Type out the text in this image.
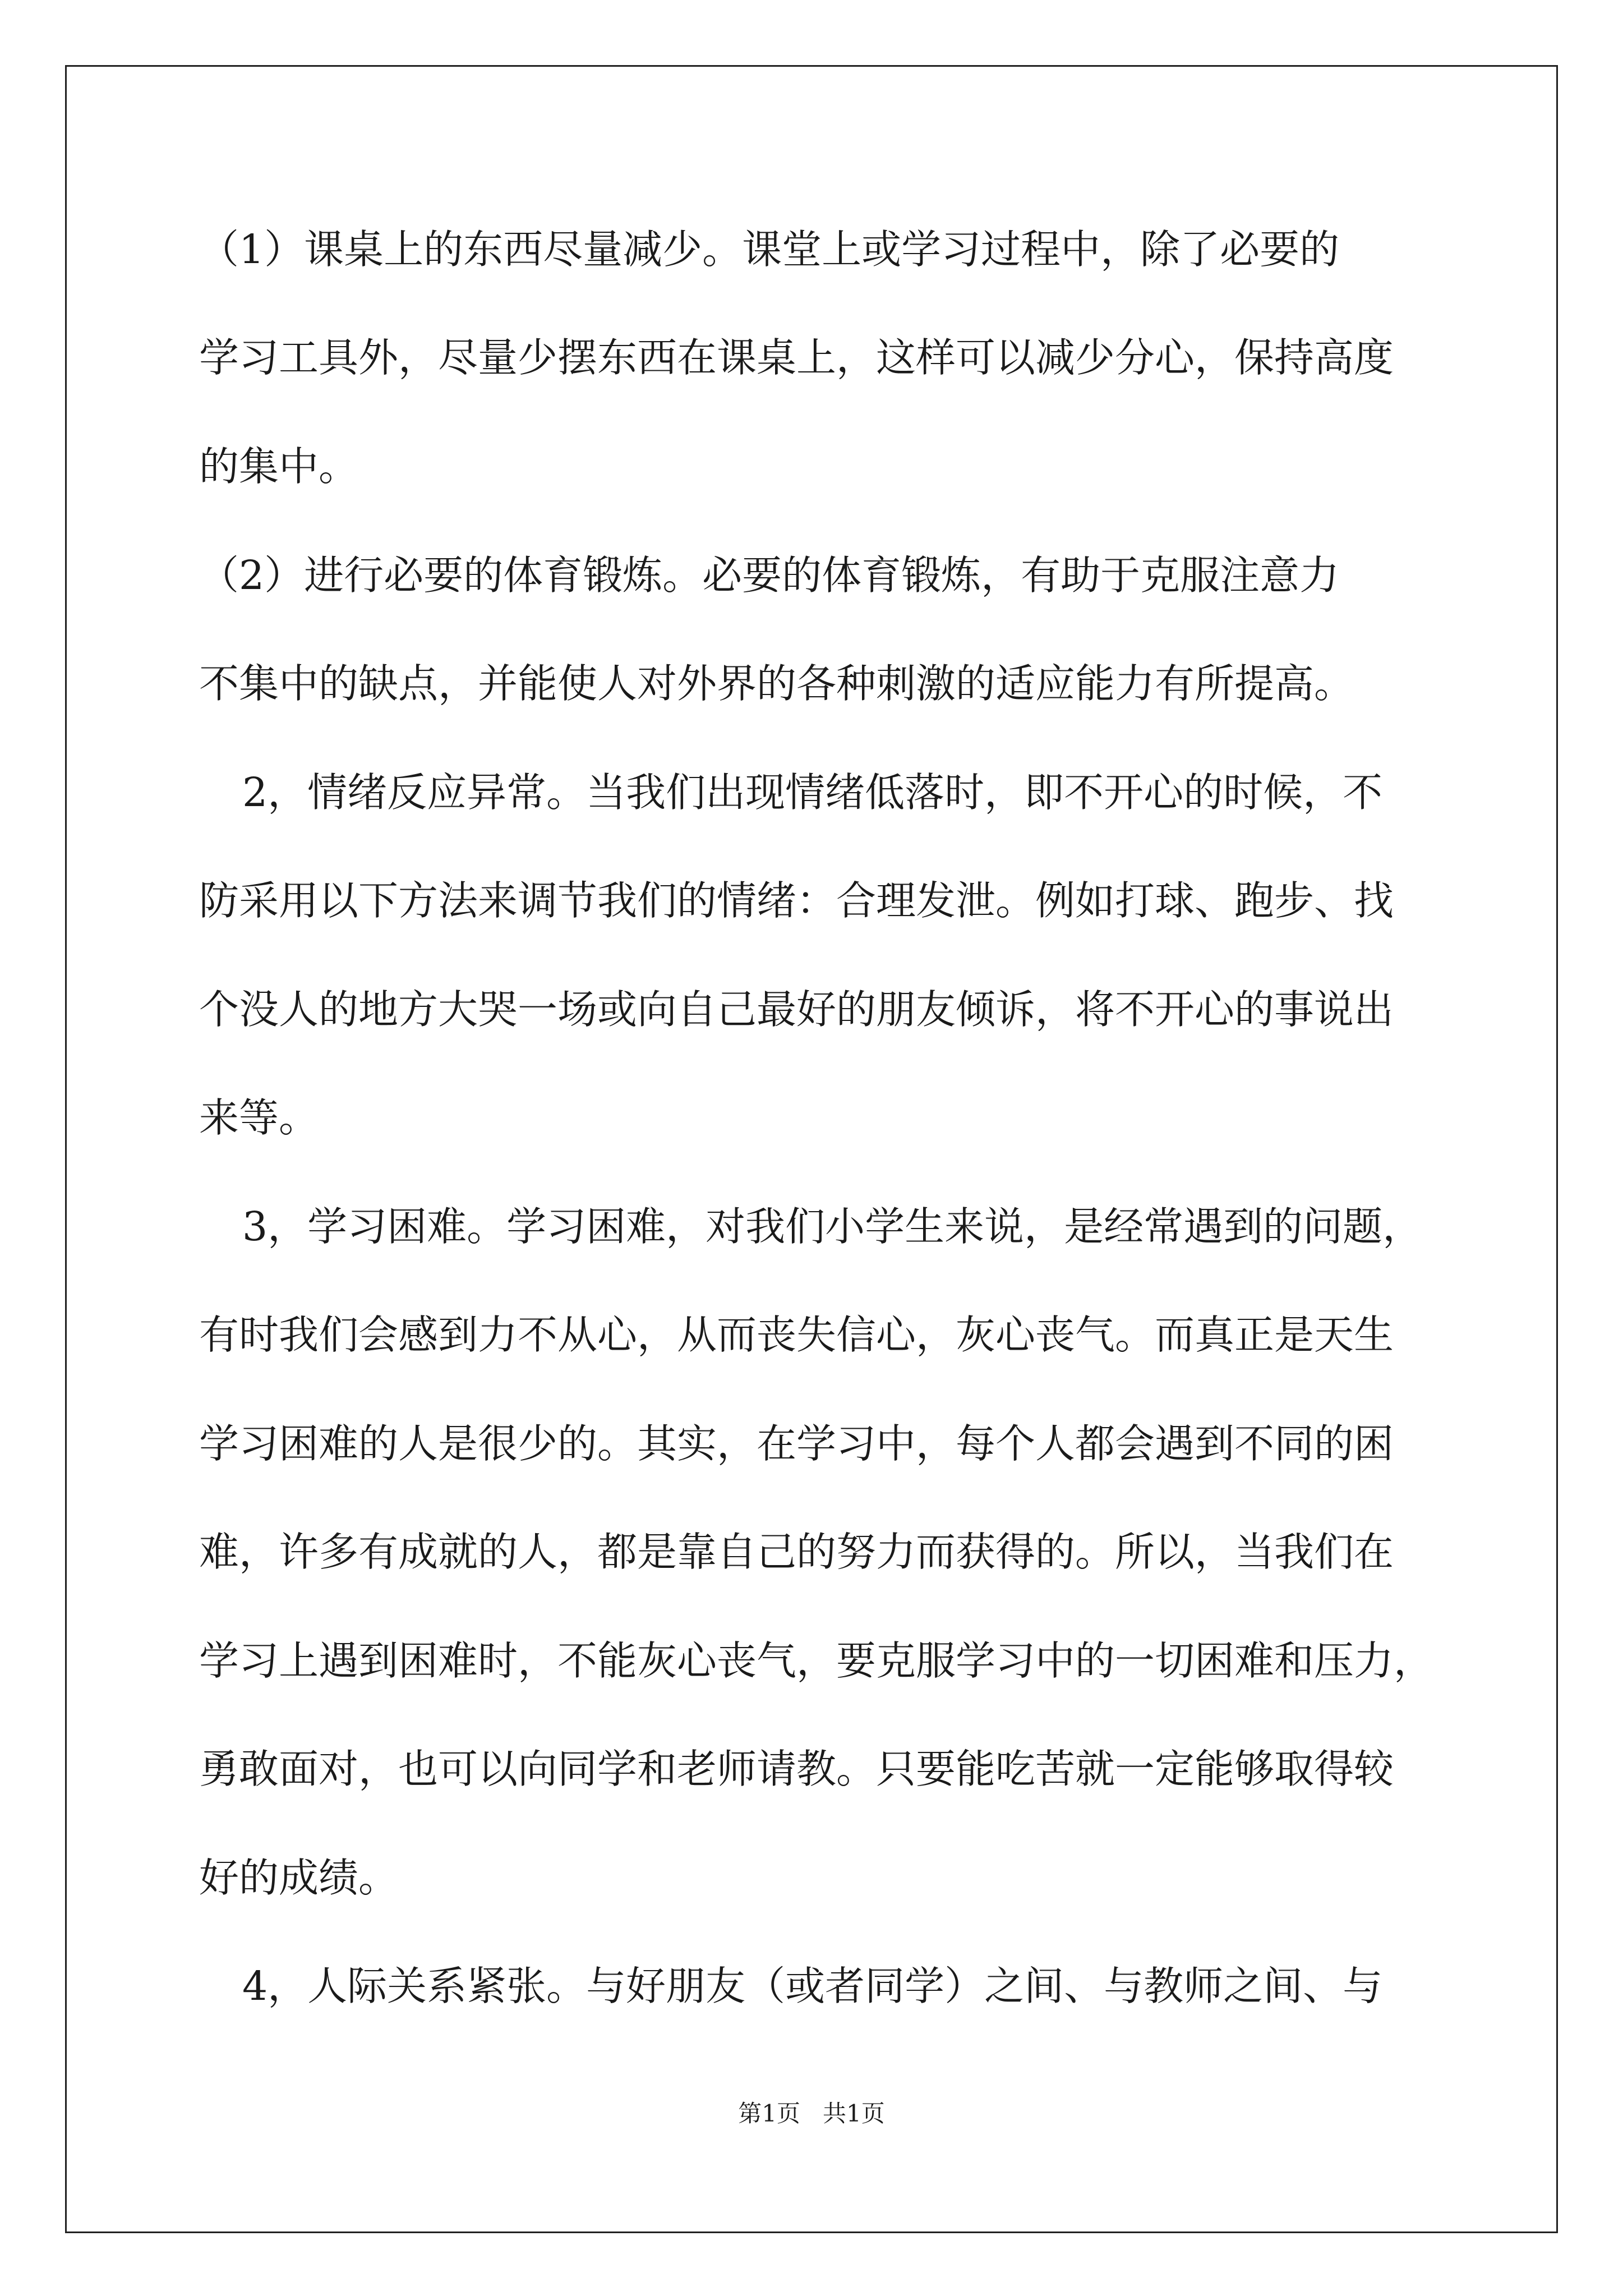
（1）课桌上的东西尽量减少。课堂上或学习过程中，除了必要的

学习工具外，尽量少摆东西在课桌上，这样可以减少分心，保持高度

的集中。

（2）进行必要的体育锻炼。必要的体育锻炼，有助于克服注意力

不集中的缺点，并能使人对外界的各种刺激的适应能力有所提高。

2，情绪反应异常。当我们出现情绪低落时，即不开心的时候，不

防采用以下方法来调节我们的情绪：合理发泄。例如打球、跑步、找

个没人的地方大哭一场或向自己最好的朋友倾诉，将不开心的事说出

来等。

3，学习困难。学习困难，对我们小学生来说，是经常遇到的问题，

有时我们会感到力不从心，从而丧失信心，灰心丧气。而真正是天生

学习困难的人是很少的。其实，在学习中，每个人都会遇到不同的困

难，许多有成就的人，都是靠自己的努力而获得的。所以，当我们在

学习上遇到困难时，不能灰心丧气，要克服学习中的一切困难和压力，

勇敢面对，也可以向同学和老师请教。只要能吃苦就一定能够取得较

好的成绩。

4，人际关系紧张。与好朋友（或者同学）之间、与教师之间、与

第1页   共1页
